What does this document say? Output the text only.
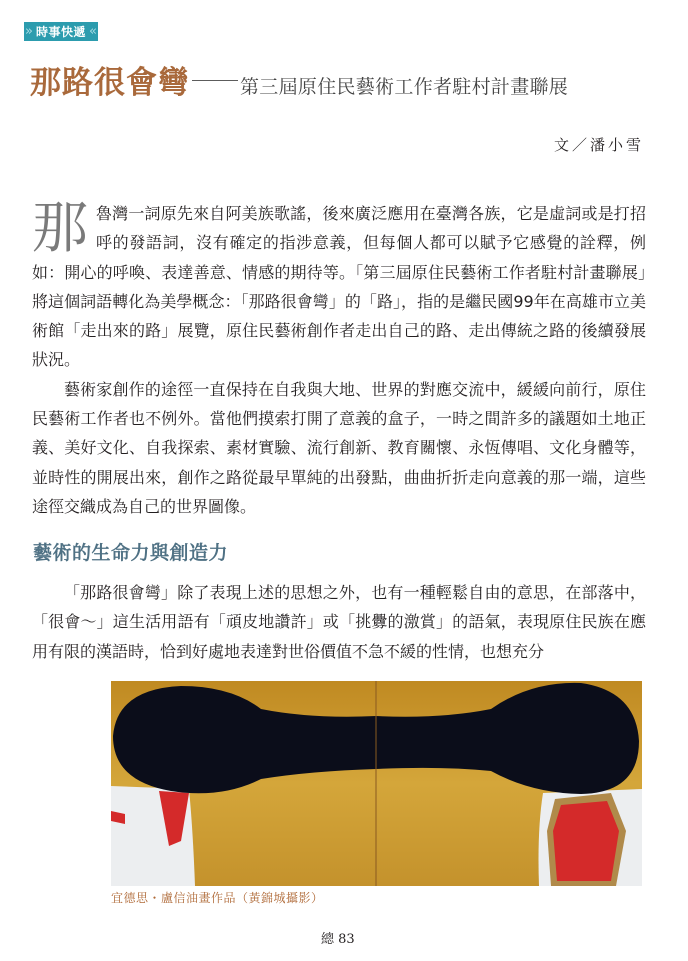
» 時事快遞 «
那路很會彎	第三屆原住民藝術工作者駐村計畫聯展
文／潘小雪

那 魯灣一詞原先來自阿美族歌謠，後來廣泛應用在臺灣各族，它是虛詞或是打招呼的發語詞，沒有確定的指涉意義，但每個人都可以賦予它感覺的詮釋，例如：開心的呼喚、表達善意、情感的期待等。「第三屆原住民藝術工作者駐村計畫聯展」將這個詞語轉化為美學概念：「那路很會彎」的「路」，指的是繼民國99年在高雄市立美術館「走出來的路」展覽，原住民藝術創作者走出自己的路、走出傳統之路的後續發展狀況。

藝術家創作的途徑一直保持在自我與大地、世界的對應交流中，緩緩向前行，原住民藝術工作者也不例外。當他們摸索打開了意義的盒子，一時之間許多的議題如土地正義、美好文化、自我探索、素材實驗、流行創新、教育關懷、永恆傳唱、文化身體等，並時性的開展出來，創作之路從最早單純的出發點，曲曲折折走向意義的那一端，這些途徑交織成為自己的世界圖像。

藝術的生命力與創造力

「那路很會彎」除了表現上述的思想之外，也有一種輕鬆自由的意思，在部落中，「很會～」這生活用語有「頑皮地讚許」或「挑釁的激賞」的語氣，表現原住民族在應用有限的漢語時，恰到好處地表達對世俗價值不急不緩的性情，也想充分

宜德思・盧信油畫作品（黃錦城攝影）
總 83
